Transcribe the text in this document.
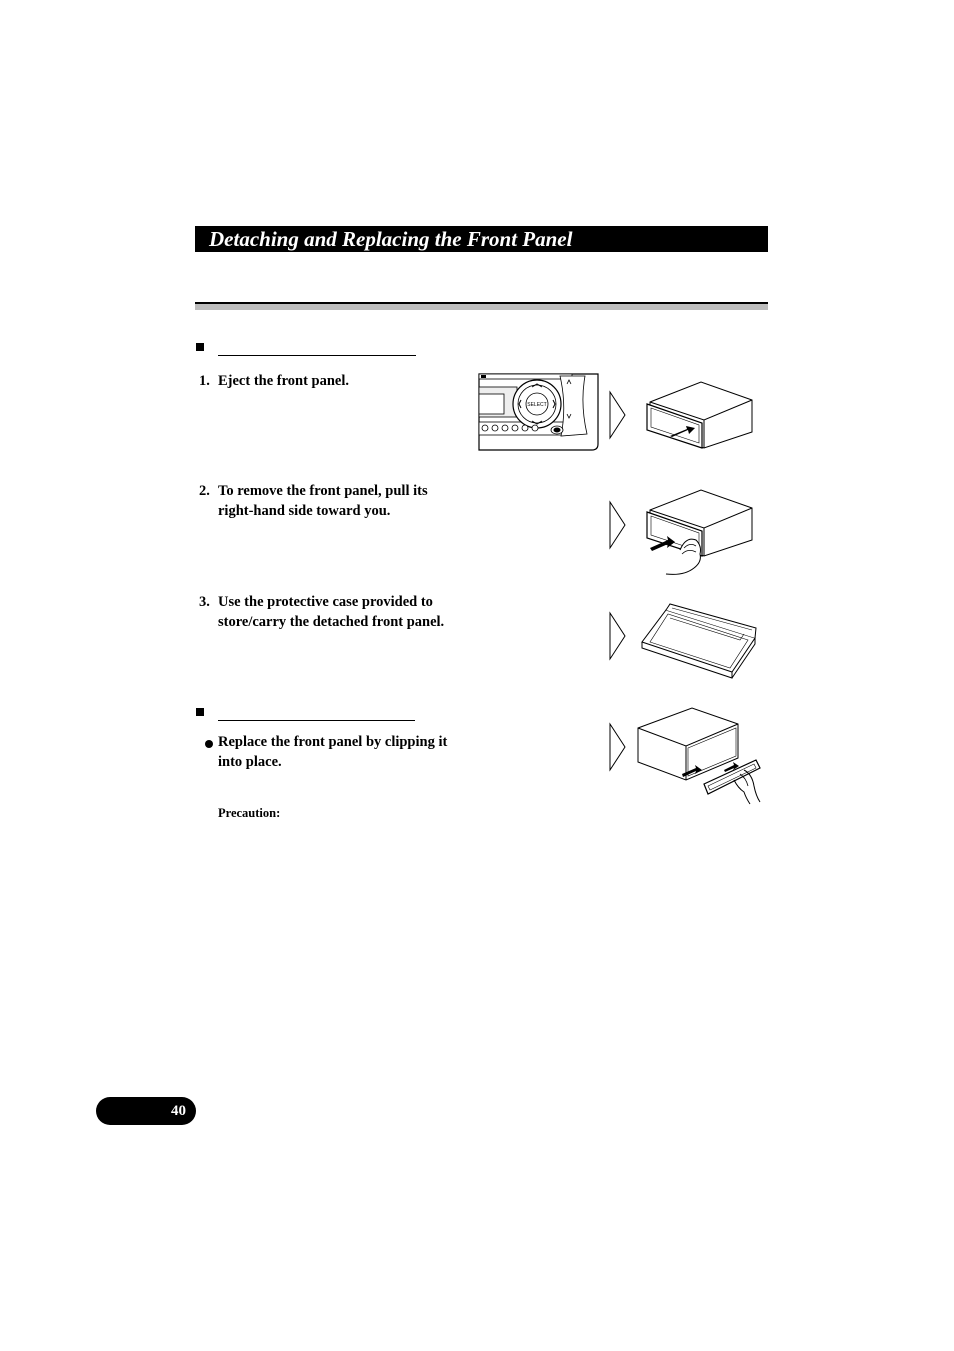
Detaching and Replacing the Front Panel
1. Eject the front panel.
2. To remove the front panel, pull its
right-hand side toward you.
3. Use the protective case provided to
store/carry the detached front panel.
Replace the front panel by clipping it
into place.
Precaution:
SELECT
40
